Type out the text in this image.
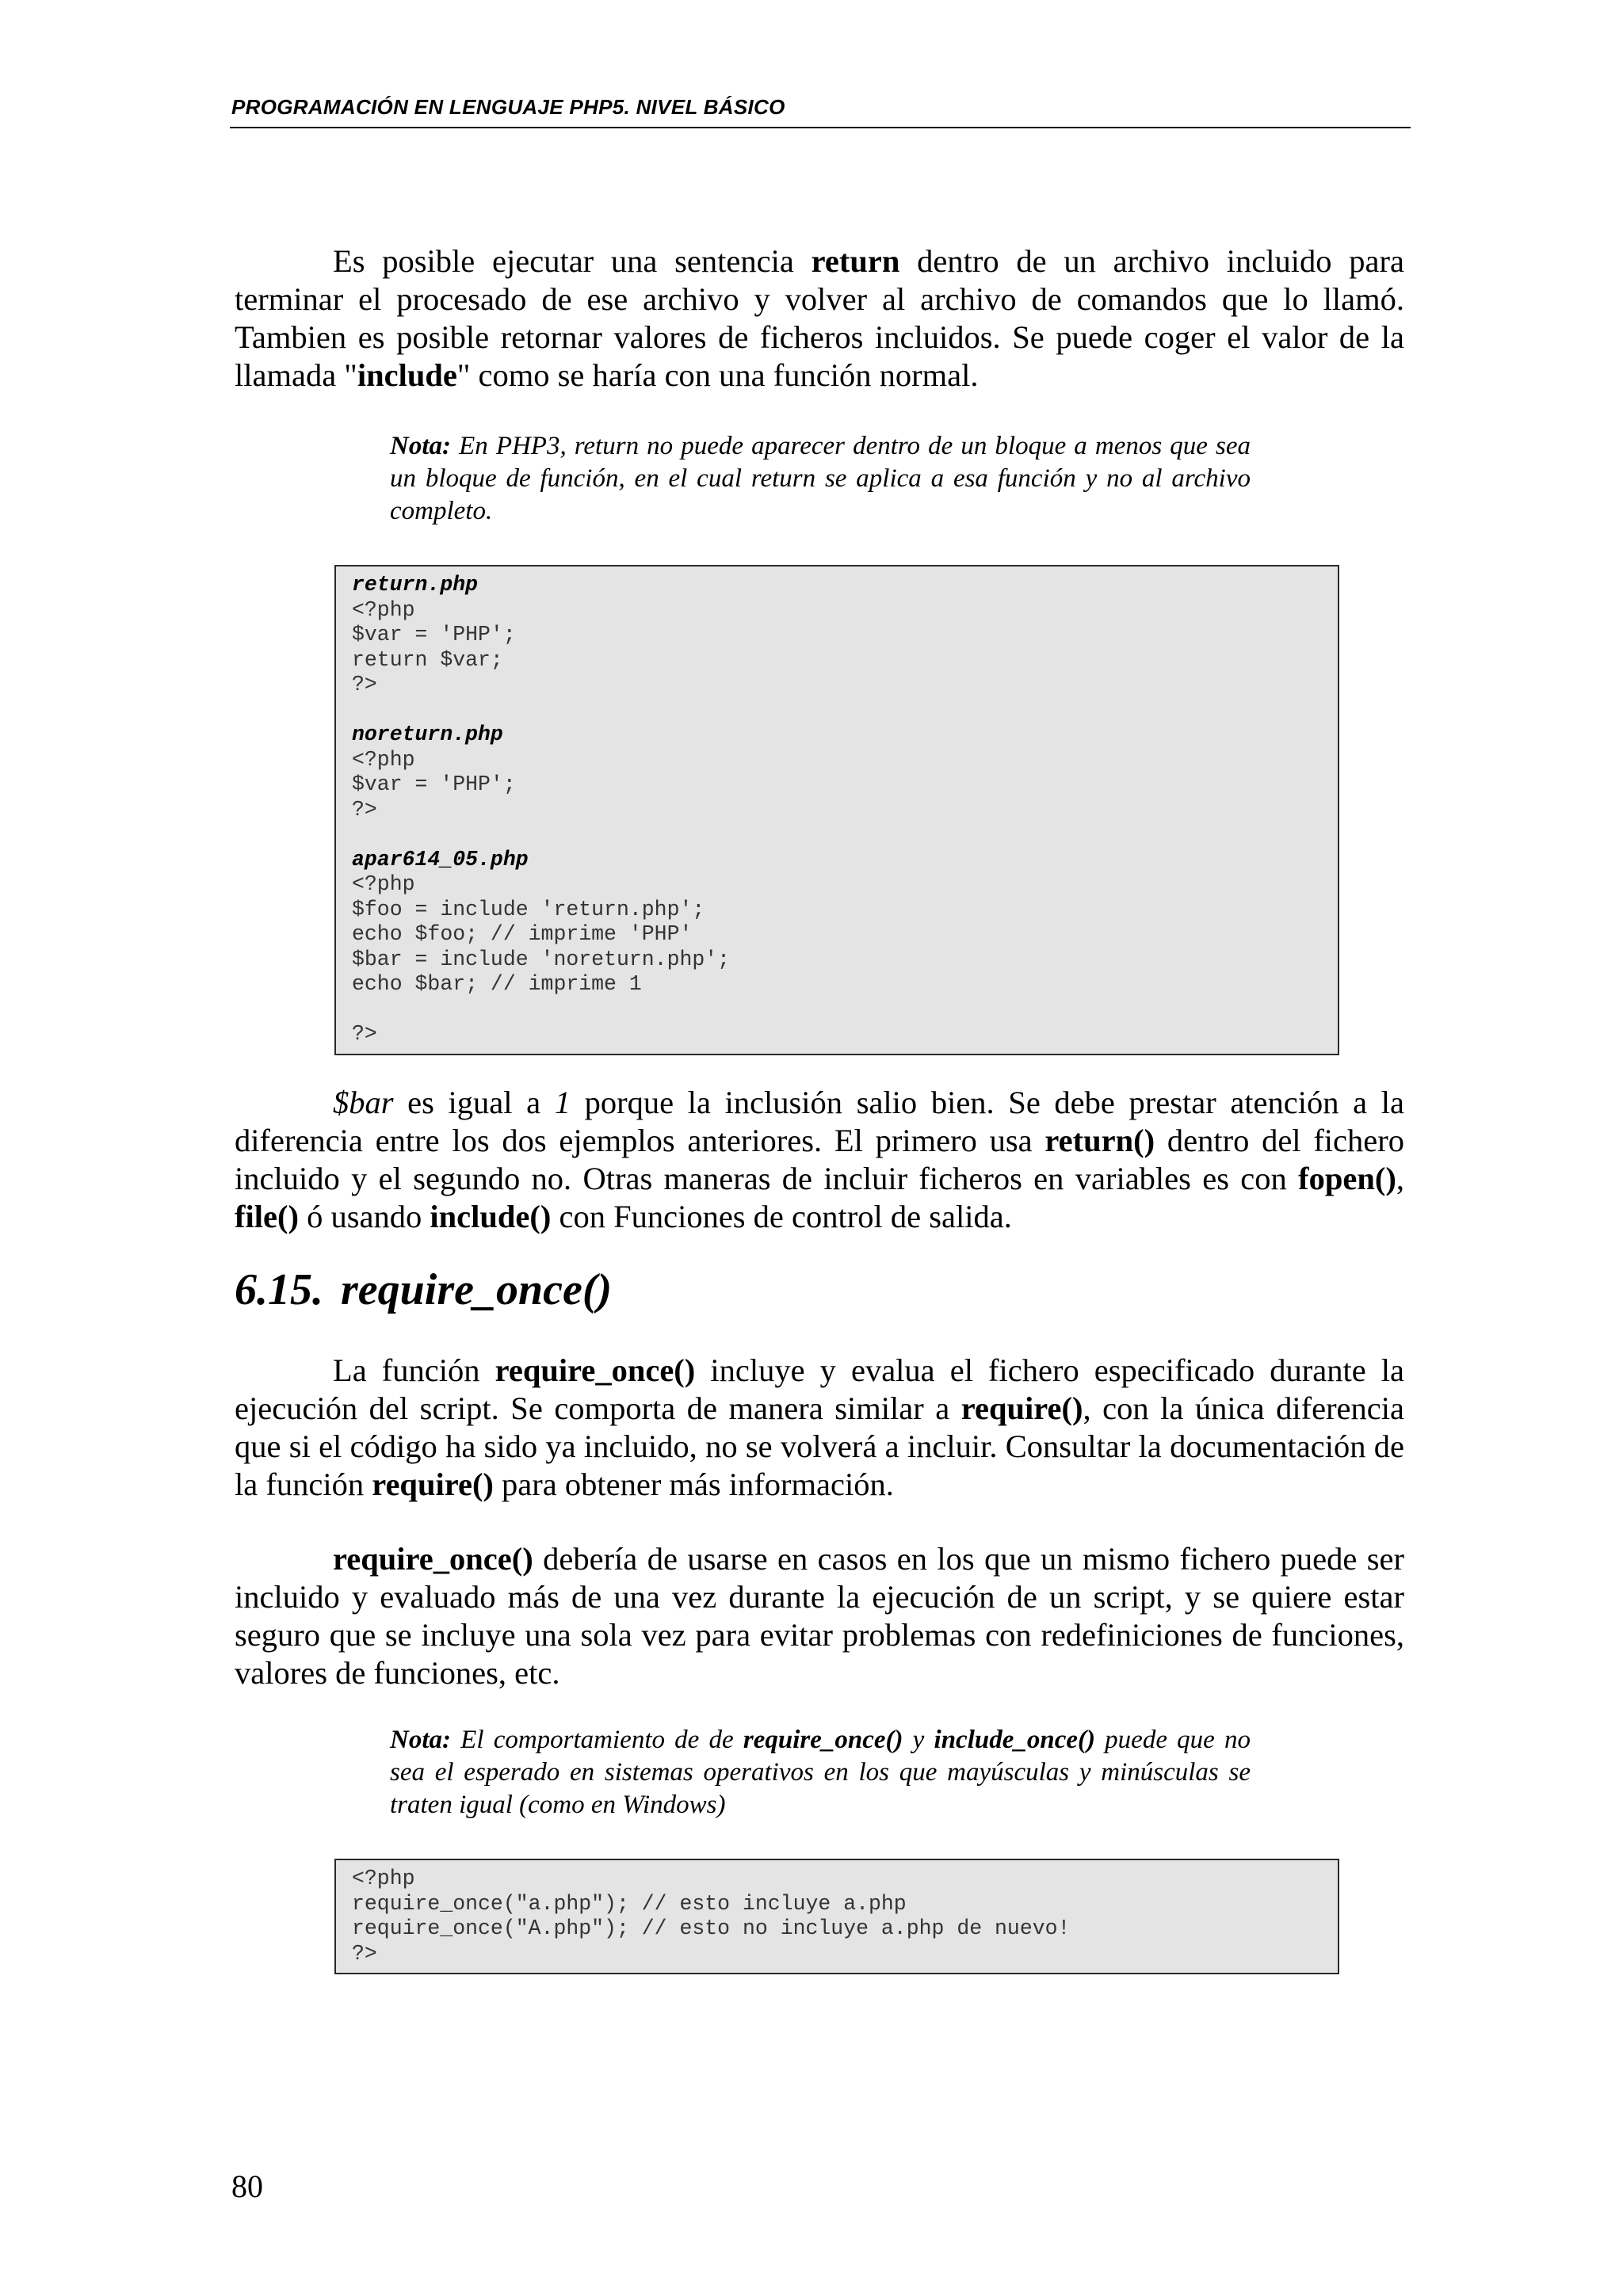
PROGRAMACIÓN EN LENGUAJE PHP5. NIVEL BÁSICO

Es posible ejecutar una sentencia return dentro de un archivo incluido para terminar el procesado de ese archivo y volver al archivo de comandos que lo llamó. Tambien es posible retornar valores de ficheros incluidos. Se puede coger el valor de la llamada "include" como se haría con una función normal.

Nota: En PHP3, return no puede aparecer dentro de un bloque a menos que sea un bloque de función, en el cual return se aplica a esa función y no al archivo completo.

return.php
<?php
$var = 'PHP';
return $var;
?>
noreturn.php
<?php
$var = 'PHP';
?>
apar614_05.php
<?php
$foo = include 'return.php';
echo $foo; // imprime 'PHP'
$bar = include 'noreturn.php';
echo $bar; // imprime 1
?>

$bar es igual a 1 porque la inclusión salio bien. Se debe prestar atención a la diferencia entre los dos ejemplos anteriores. El primero usa return() dentro del fichero incluido y el segundo no. Otras maneras de incluir ficheros en variables es con fopen(), file() ó usando include() con Funciones de control de salida.

6.15. require_once()

La función require_once() incluye y evalua el fichero especificado durante la ejecución del script. Se comporta de manera similar a require(), con la única diferencia que si el código ha sido ya incluido, no se volverá a incluir. Consultar la documentación de la función require() para obtener más información.

require_once() debería de usarse en casos en los que un mismo fichero puede ser incluido y evaluado más de una vez durante la ejecución de un script, y se quiere estar seguro que se incluye una sola vez para evitar problemas con redefiniciones de funciones, valores de funciones, etc.

Nota: El comportamiento de de require_once() y include_once() puede que no sea el esperado en sistemas operativos en los que mayúsculas y minúsculas se traten igual (como en Windows)

<?php
require_once("a.php"); // esto incluye a.php
require_once("A.php"); // esto no incluye a.php de nuevo!
?>
80
